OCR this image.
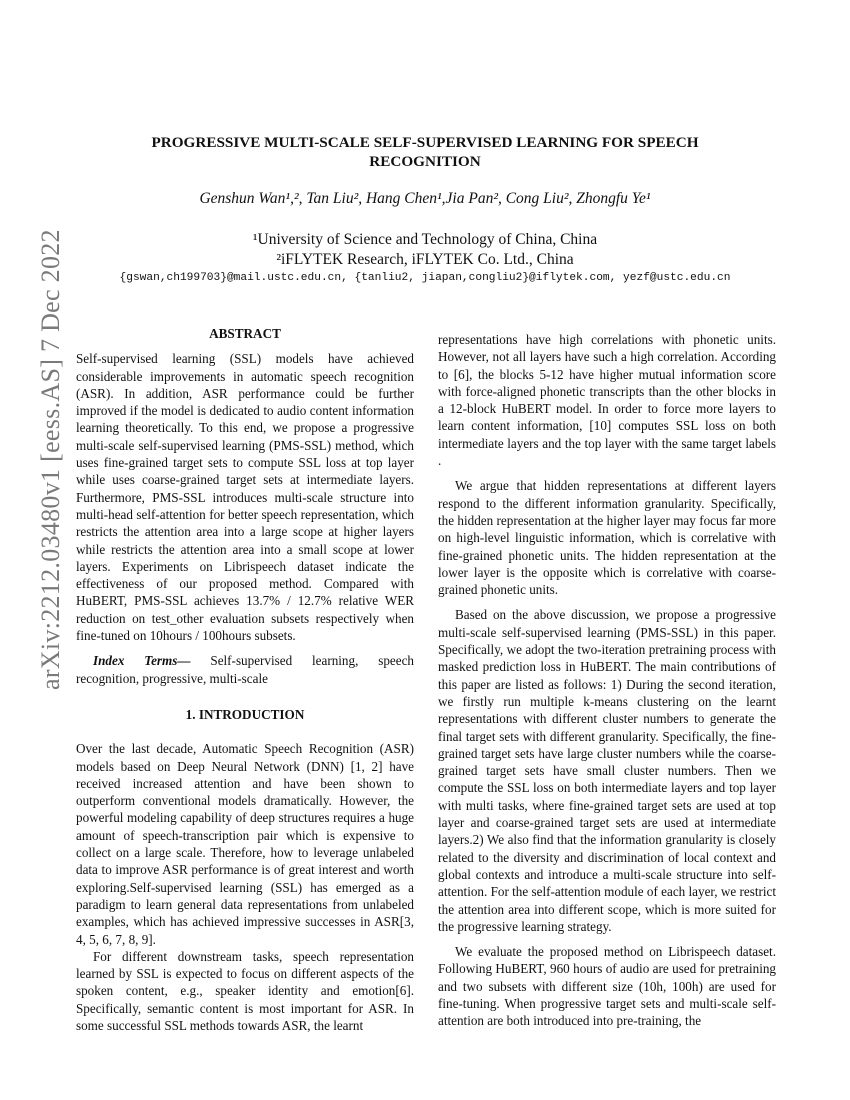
arXiv:2212.03480v1 [eess.AS] 7 Dec 2022
PROGRESSIVE MULTI-SCALE SELF-SUPERVISED LEARNING FOR SPEECH RECOGNITION
Genshun Wan¹,², Tan Liu², Hang Chen¹,Jia Pan², Cong Liu², Zhongfu Ye¹
¹University of Science and Technology of China, China
²iFLYTEK Research, iFLYTEK Co. Ltd., China
{gswan,ch199703}@mail.ustc.edu.cn, {tanliu2, jiapan,congliu2}@iflytek.com, yezf@ustc.edu.cn

ABSTRACT

Self-supervised learning (SSL) models have achieved considerable improvements in automatic speech recognition (ASR). In addition, ASR performance could be further improved if the model is dedicated to audio content information learning theoretically. To this end, we propose a progressive multi-scale self-supervised learning (PMS-SSL) method, which uses fine-grained target sets to compute SSL loss at top layer while uses coarse-grained target sets at intermediate layers. Furthermore, PMS-SSL introduces multi-scale structure into multi-head self-attention for better speech representation, which restricts the attention area into a large scope at higher layers while restricts the attention area into a small scope at lower layers. Experiments on Librispeech dataset indicate the effectiveness of our proposed method. Compared with HuBERT, PMS-SSL achieves 13.7% / 12.7% relative WER reduction on test_other evaluation subsets respectively when fine-tuned on 10hours / 100hours subsets.

Index Terms— Self-supervised learning, speech recognition, progressive, multi-scale

1. INTRODUCTION

Over the last decade, Automatic Speech Recognition (ASR) models based on Deep Neural Network (DNN) [1, 2] have received increased attention and have been shown to outperform conventional models dramatically. However, the powerful modeling capability of deep structures requires a huge amount of speech-transcription pair which is expensive to collect on a large scale. Therefore, how to leverage unlabeled data to improve ASR performance is of great interest and worth exploring.Self-supervised learning (SSL) has emerged as a paradigm to learn general data representations from unlabeled examples, which has achieved impressive successes in ASR[3, 4, 5, 6, 7, 8, 9].

For different downstream tasks, speech representation learned by SSL is expected to focus on different aspects of the spoken content, e.g., speaker identity and emotion[6]. Specifically, semantic content is most important for ASR. In some successful SSL methods towards ASR, the learnt

representations have high correlations with phonetic units. However, not all layers have such a high correlation. According to [6], the blocks 5-12 have higher mutual information score with force-aligned phonetic transcripts than the other blocks in a 12-block HuBERT model. In order to force more layers to learn content information, [10] computes SSL loss on both intermediate layers and the top layer with the same target labels .

We argue that hidden representations at different layers respond to the different information granularity. Specifically, the hidden representation at the higher layer may focus far more on high-level linguistic information, which is correlative with fine-grained phonetic units. The hidden representation at the lower layer is the opposite which is correlative with coarse-grained phonetic units.

Based on the above discussion, we propose a progressive multi-scale self-supervised learning (PMS-SSL) in this paper. Specifically, we adopt the two-iteration pretraining process with masked prediction loss in HuBERT. The main contributions of this paper are listed as follows: 1) During the second iteration, we firstly run multiple k-means clustering on the learnt representations with different cluster numbers to generate the final target sets with different granularity. Specifically, the fine-grained target sets have large cluster numbers while the coarse-grained target sets have small cluster numbers. Then we compute the SSL loss on both intermediate layers and top layer with multi tasks, where fine-grained target sets are used at top layer and coarse-grained target sets are used at intermediate layers.2) We also find that the information granularity is closely related to the diversity and discrimination of local context and global contexts and introduce a multi-scale structure into self-attention. For the self-attention module of each layer, we restrict the attention area into different scope, which is more suited for the progressive learning strategy.

We evaluate the proposed method on Librispeech dataset. Following HuBERT, 960 hours of audio are used for pretraining and two subsets with different size (10h, 100h) are used for fine-tuning. When progressive target sets and multi-scale self-attention are both introduced into pre-training, the
